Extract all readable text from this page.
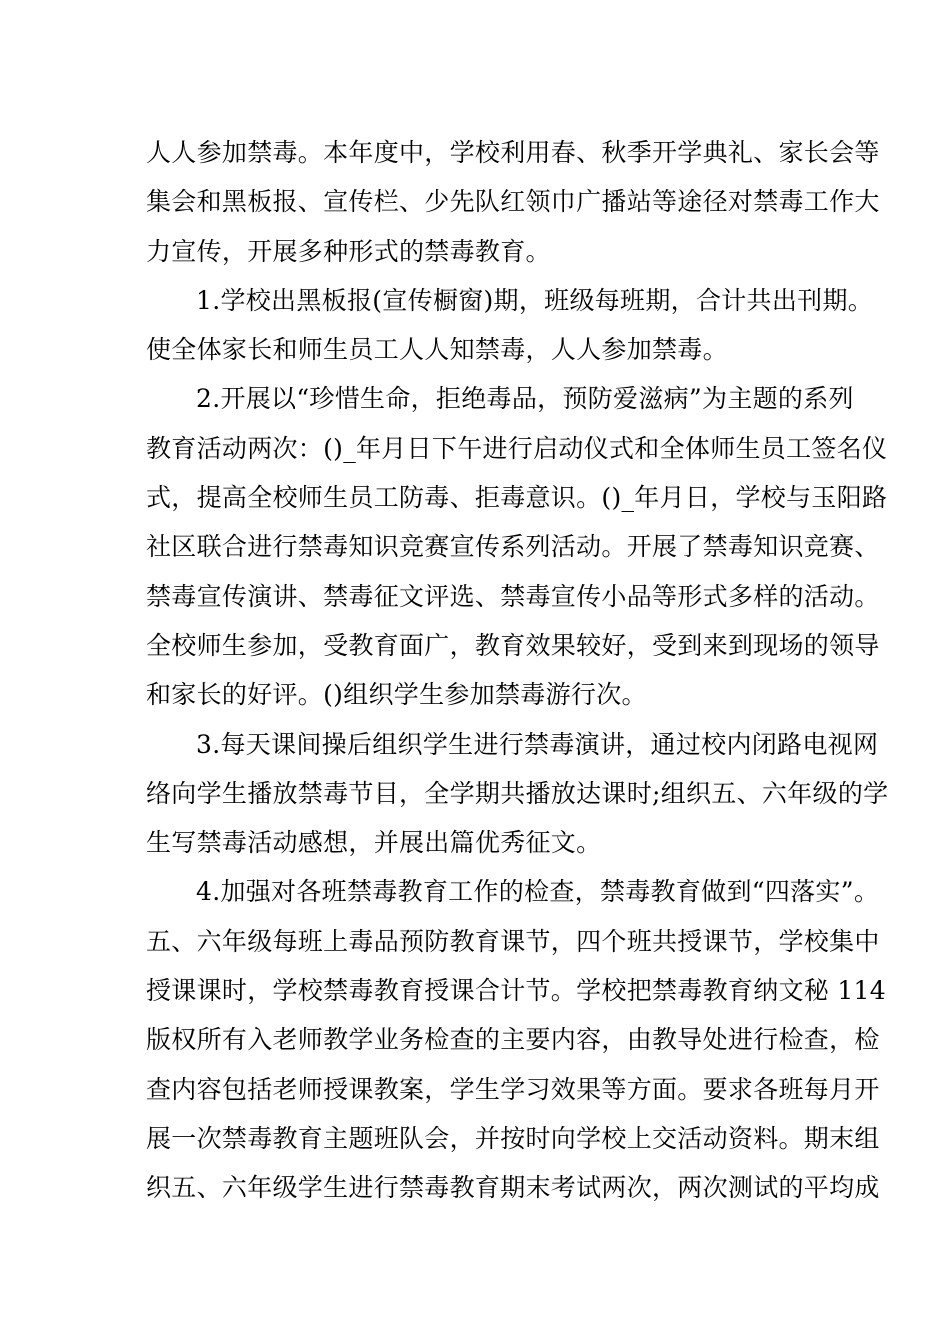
人人参加禁毒。本年度中，学校利用春、秋季开学典礼、家长会等
集会和黑板报、宣传栏、少先队红领巾广播站等途径对禁毒工作大
力宣传，开展多种形式的禁毒教育。
1.学校出黑板报(宣传橱窗)期，班级每班期，合计共出刊期。
使全体家长和师生员工人人知禁毒，人人参加禁毒。
2.开展以“珍惜生命，拒绝毒品，预防爱滋病”为主题的系列
教育活动两次：()_年月日下午进行启动仪式和全体师生员工签名仪
式，提高全校师生员工防毒、拒毒意识。()_年月日，学校与玉阳路
社区联合进行禁毒知识竞赛宣传系列活动。开展了禁毒知识竞赛、
禁毒宣传演讲、禁毒征文评选、禁毒宣传小品等形式多样的活动。
全校师生参加，受教育面广，教育效果较好，受到来到现场的领导
和家长的好评。()组织学生参加禁毒游行次。
3.每天课间操后组织学生进行禁毒演讲，通过校内闭路电视网
络向学生播放禁毒节目，全学期共播放达课时;组织五、六年级的学
生写禁毒活动感想，并展出篇优秀征文。
4.加强对各班禁毒教育工作的检查，禁毒教育做到“四落实”。
五、六年级每班上毒品预防教育课节，四个班共授课节，学校集中
授课课时，学校禁毒教育授课合计节。学校把禁毒教育纳文秘 114
版权所有入老师教学业务检查的主要内容，由教导处进行检查，检
查内容包括老师授课教案，学生学习效果等方面。要求各班每月开
展一次禁毒教育主题班队会，并按时向学校上交活动资料。期末组
织五、六年级学生进行禁毒教育期末考试两次，两次测试的平均成
